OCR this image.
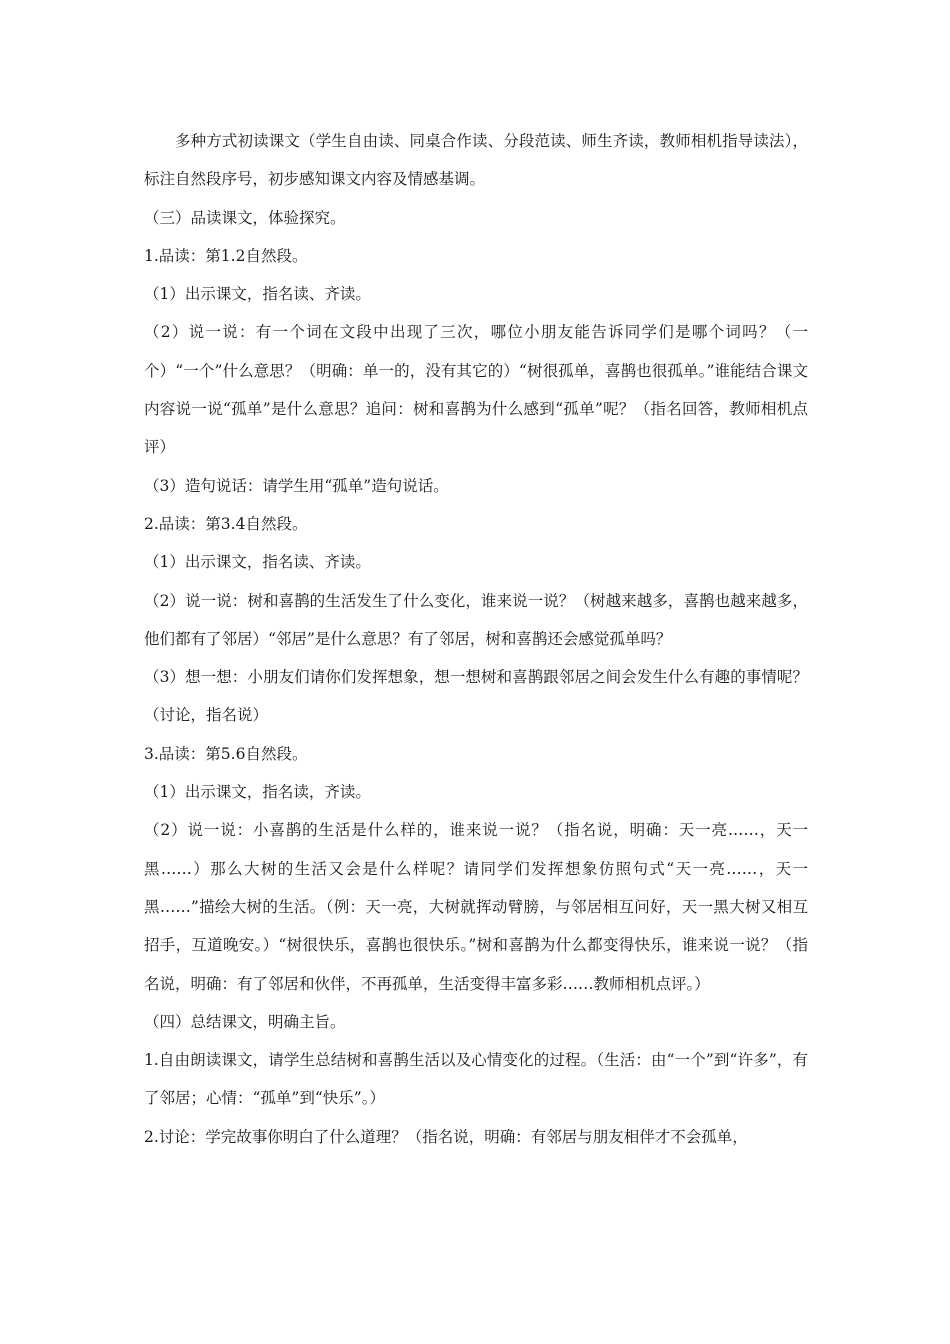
多种方式初读课文（学生自由读、同桌合作读、分段范读、师生齐读，教师相机指导读法），标注自然段序号，初步感知课文内容及情感基调。

（三）品读课文，体验探究。

1.品读：第1.2自然段。

（1）出示课文，指名读、齐读。

（2）说一说：有一个词在文段中出现了三次，哪位小朋友能告诉同学们是哪个词吗？（一个）“一个”什么意思？（明确：单一的，没有其它的）“树很孤单，喜鹊也很孤单。”谁能结合课文内容说一说“孤单”是什么意思？追问：树和喜鹊为什么感到“孤单”呢？（指名回答，教师相机点评）

（3）造句说话：请学生用“孤单”造句说话。

2.品读：第3.4自然段。

（1）出示课文，指名读、齐读。

（2）说一说：树和喜鹊的生活发生了什么变化，谁来说一说？（树越来越多，喜鹊也越来越多，他们都有了邻居）“邻居”是什么意思？有了邻居，树和喜鹊还会感觉孤单吗？

（3）想一想：小朋友们请你们发挥想象，想一想树和喜鹊跟邻居之间会发生什么有趣的事情呢？（讨论，指名说）

3.品读：第5.6自然段。

（1）出示课文，指名读，齐读。

（2）说一说：小喜鹊的生活是什么样的，谁来说一说？（指名说，明确：天一亮……，天一黑……）那么大树的生活又会是什么样呢？请同学们发挥想象仿照句式“天一亮……，天一黑……”描绘大树的生活。（例：天一亮，大树就挥动臂膀，与邻居相互问好，天一黑大树又相互招手，互道晚安。）“树很快乐，喜鹊也很快乐。”树和喜鹊为什么都变得快乐，谁来说一说？（指名说，明确：有了邻居和伙伴，不再孤单，生活变得丰富多彩……教师相机点评。）

（四）总结课文，明确主旨。

1.自由朗读课文，请学生总结树和喜鹊生活以及心情变化的过程。（生活：由“一个”到“许多”，有了邻居；心情：“孤单”到“快乐”。）

2.讨论：学完故事你明白了什么道理？（指名说，明确：有邻居与朋友相伴才不会孤单，
